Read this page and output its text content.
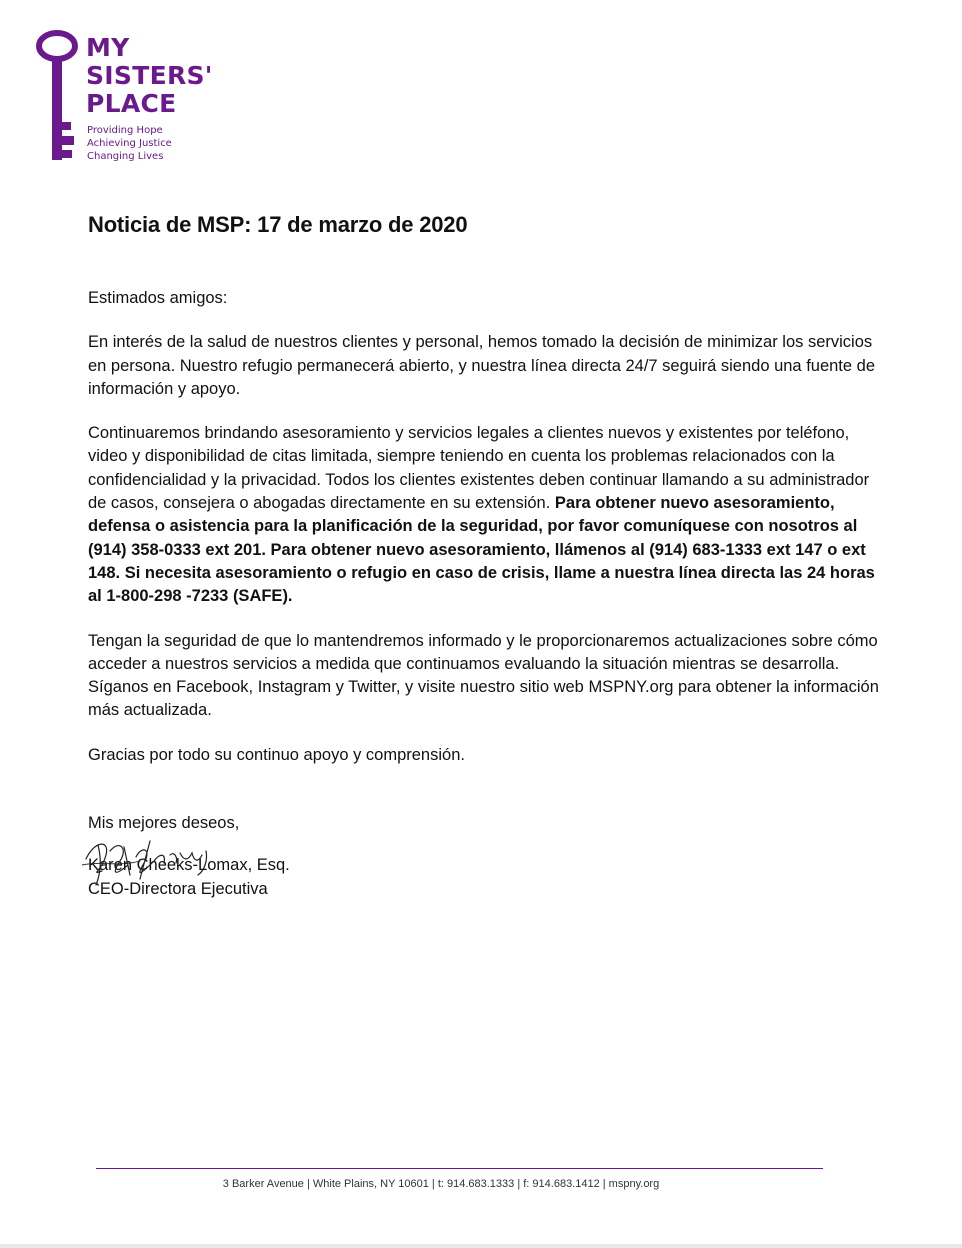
MY
SISTERS'
PLACE
Providing Hope
Achieving Justice
Changing Lives
Noticia de MSP: 17 de marzo de 2020

Estimados amigos:

En interés de la salud de nuestros clientes y personal, hemos tomado la decisión de minimizar los servicios en persona. Nuestro refugio permanecerá abierto, y nuestra línea directa 24/7 seguirá siendo una fuente de información y apoyo.

Continuaremos brindando asesoramiento y servicios legales a clientes nuevos y existentes por teléfono, video y disponibilidad de citas limitada, siempre teniendo en cuenta los problemas relacionados con la confidencialidad y la privacidad. Todos los clientes existentes deben continuar llamando a su administrador de casos, consejera o abogadas directamente en su extensión. Para obtener nuevo asesoramiento, defensa o asistencia para la planificación de la seguridad, por favor comuníquese con nosotros al (914) 358-0333 ext 201. Para obtener nuevo asesoramiento, llámenos al (914) 683-1333 ext 147 o ext 148. Si necesita asesoramiento o refugio en caso de crisis, llame a nuestra línea directa las 24 horas al 1-800-298 -7233 (SAFE).

Tengan la seguridad de que lo mantendremos informado y le proporcionaremos actualizaciones sobre cómo acceder a nuestros servicios a medida que continuamos evaluando la situación mientras se desarrolla. Síganos en Facebook, Instagram y Twitter, y visite nuestro sitio web MSPNY.org para obtener la información más actualizada.

Gracias por todo su continuo apoyo y comprensión.

Mis mejores deseos,

Karen Cheeks-Lomax, Esq.

CEO-Directora Ejecutiva

3 Barker Avenue | White Plains, NY 10601 | t: 914.683.1333 | f: 914.683.1412 | mspny.org
